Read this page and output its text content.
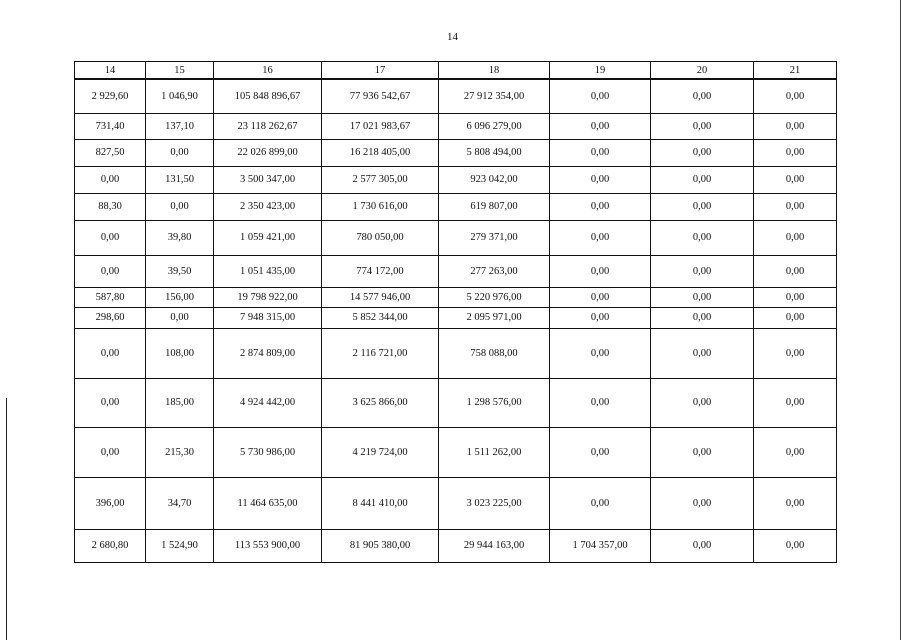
14
14	15	16	17	18	19	20	21
2 929,60	1 046,90	105 848 896,67	77 936 542,67	27 912 354,00	0,00	0,00	0,00
731,40	137,10	23 118 262,67	17 021 983,67	6 096 279,00	0,00	0,00	0,00
827,50	0,00	22 026 899,00	16 218 405,00	5 808 494,00	0,00	0,00	0,00
0,00	131,50	3 500 347,00	2 577 305,00	923 042,00	0,00	0,00	0,00
88,30	0,00	2 350 423,00	1 730 616,00	619 807,00	0,00	0,00	0,00
0,00	39,80	1 059 421,00	780 050,00	279 371,00	0,00	0,00	0,00
0,00	39,50	1 051 435,00	774 172,00	277 263,00	0,00	0,00	0,00
587,80	156,00	19 798 922,00	14 577 946,00	5 220 976,00	0,00	0,00	0,00
298,60	0,00	7 948 315,00	5 852 344,00	2 095 971,00	0,00	0,00	0,00
0,00	108,00	2 874 809,00	2 116 721,00	758 088,00	0,00	0,00	0,00
0,00	185,00	4 924 442,00	3 625 866,00	1 298 576,00	0,00	0,00	0,00
0,00	215,30	5 730 986,00	4 219 724,00	1 511 262,00	0,00	0,00	0,00
396,00	34,70	11 464 635,00	8 441 410,00	3 023 225,00	0,00	0,00	0,00
2 680,80	1 524,90	113 553 900,00	81 905 380,00	29 944 163,00	1 704 357,00	0,00	0,00
